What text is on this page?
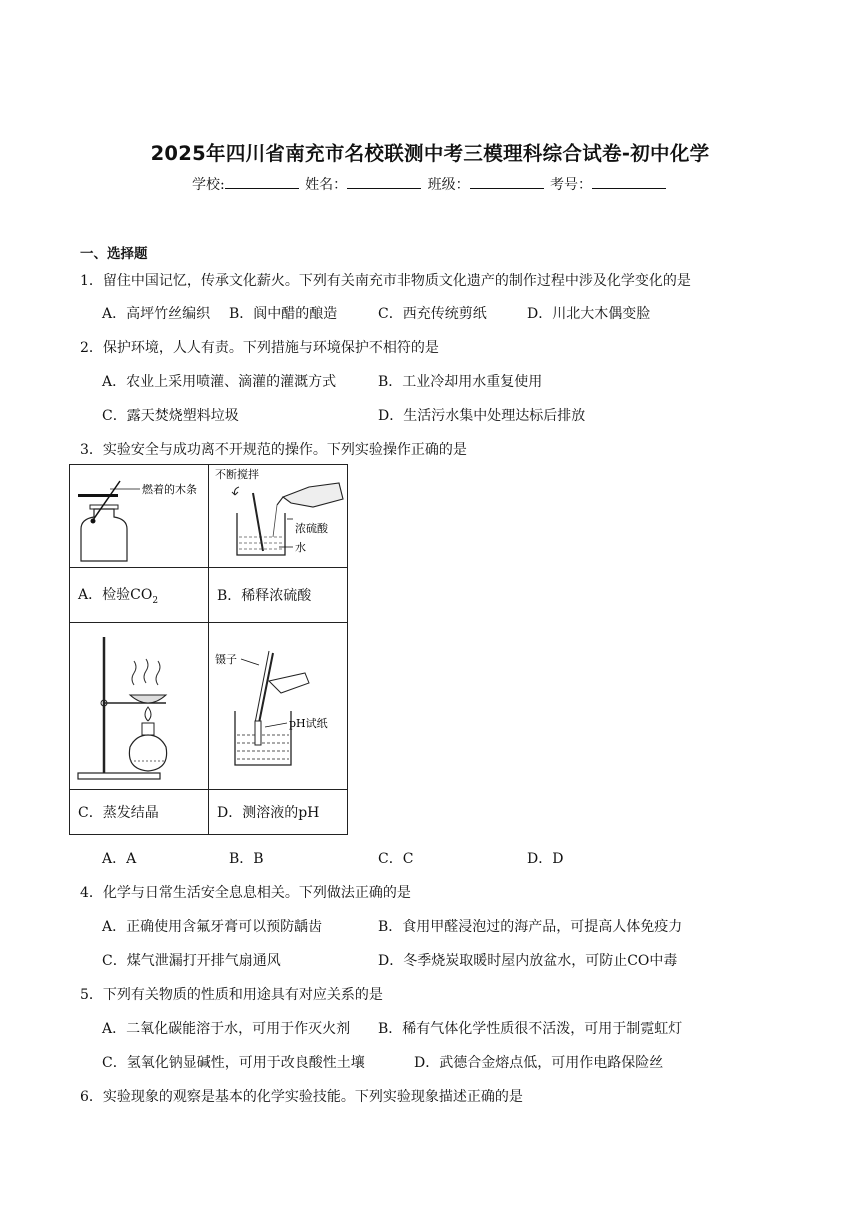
2025年四川省南充市名校联测中考三模理科综合试卷-初中化学
学校:	姓名：	班级：	考号：
一、选择题
1．留住中国记忆，传承文化薪火。下列有关南充市非物质文化遗产的制作过程中涉及化学变化的是
A．高坪竹丝编织 B．阆中醋的酿造	C．西充传统剪纸	D．川北大木偶变脸
2．保护环境，人人有责。下列措施与环境保护不相符的是
A．农业上采用喷灌、滴灌的灌溉方式	B．工业冷却用水重复使用
C．露天焚烧塑料垃圾	D．生活污水集中处理达标后排放
3．实验安全与成功离不开规范的操作。下列实验操作正确的是
燃着的木条	不断搅拌
浓硫酸
水

A．检验$CO_2$	B．稀释浓硫酸

镊子
pH试纸

C．蒸发结晶	D．测溶液的pH
A．A	B．B	C．C	D．D
4．化学与日常生活安全息息相关。下列做法正确的是
A．正确使用含氟牙膏可以预防龋齿	B．食用甲醛浸泡过的海产品，可提高人体免疫力
C．煤气泄漏打开排气扇通风	D．冬季烧炭取暖时屋内放盆水，可防止CO中毒
5．下列有关物质的性质和用途具有对应关系的是
A．二氧化碳能溶于水，可用于作灭火剂 B．稀有气体化学性质很不活泼，可用于制霓虹灯
C．氢氧化钠显碱性，可用于改良酸性土壤	D．武德合金熔点低，可用作电路保险丝
6．实验现象的观察是基本的化学实验技能。下列实验现象描述正确的是
